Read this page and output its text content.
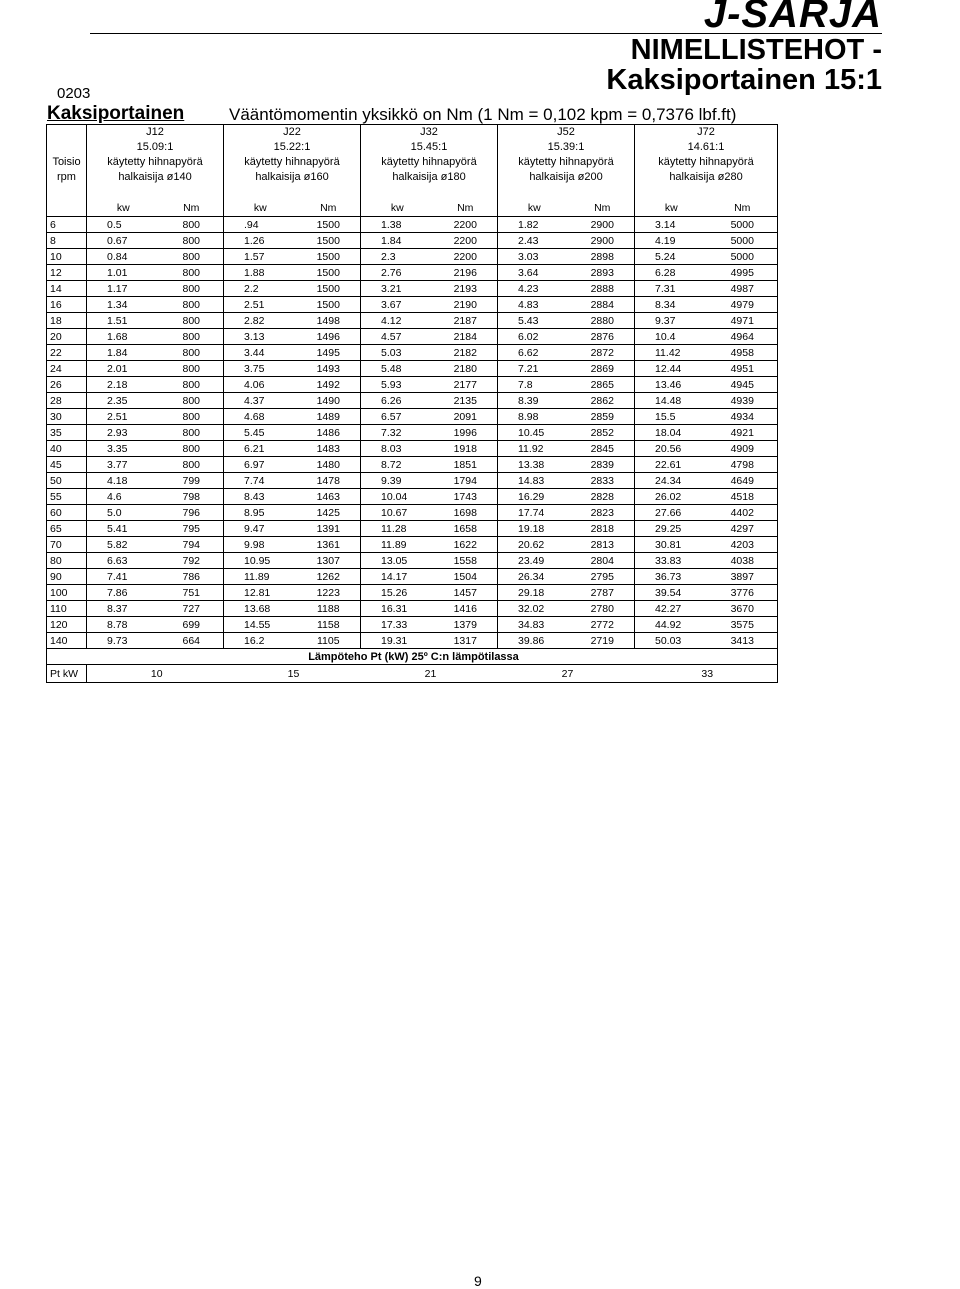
J-SARJA
NIMELLISTEHOT -
Kaksiportainen 15:1
0203
Kaksiportainen	Vääntömomentin yksikkö on Nm (1 Nm = 0,102 kpm = 0,7376 lbf.ft)
	J12		J22		J32		J52		J72	
	15.09:1		15.22:1		15.45:1		15.39:1		14.61:1	
Toisio	käytetty hihnapyörä		käytetty hihnapyörä		käytetty hihnapyörä		käytetty hihnapyörä		käytetty hihnapyörä	
rpm	halkaisija ø140		halkaisija ø160		halkaisija ø180		halkaisija ø200		halkaisija ø280	

	kw	Nm	kw	Nm	kw	Nm	kw	Nm	kw	Nm
6	0.5	800	.94	1500	1.38	2200	1.82	2900	3.14	5000
8	0.67	800	1.26	1500	1.84	2200	2.43	2900	4.19	5000
10	0.84	800	1.57	1500	2.3	2200	3.03	2898	5.24	5000
12	1.01	800	1.88	1500	2.76	2196	3.64	2893	6.28	4995
14	1.17	800	2.2	1500	3.21	2193	4.23	2888	7.31	4987
16	1.34	800	2.51	1500	3.67	2190	4.83	2884	8.34	4979
18	1.51	800	2.82	1498	4.12	2187	5.43	2880	9.37	4971
20	1.68	800	3.13	1496	4.57	2184	6.02	2876	10.4	4964
22	1.84	800	3.44	1495	5.03	2182	6.62	2872	11.42	4958
24	2.01	800	3.75	1493	5.48	2180	7.21	2869	12.44	4951
26	2.18	800	4.06	1492	5.93	2177	7.8	2865	13.46	4945
28	2.35	800	4.37	1490	6.26	2135	8.39	2862	14.48	4939
30	2.51	800	4.68	1489	6.57	2091	8.98	2859	15.5	4934
35	2.93	800	5.45	1486	7.32	1996	10.45	2852	18.04	4921
40	3.35	800	6.21	1483	8.03	1918	11.92	2845	20.56	4909
45	3.77	800	6.97	1480	8.72	1851	13.38	2839	22.61	4798
50	4.18	799	7.74	1478	9.39	1794	14.83	2833	24.34	4649
55	4.6	798	8.43	1463	10.04	1743	16.29	2828	26.02	4518
60	5.0	796	8.95	1425	10.67	1698	17.74	2823	27.66	4402
65	5.41	795	9.47	1391	11.28	1658	19.18	2818	29.25	4297
70	5.82	794	9.98	1361	11.89	1622	20.62	2813	30.81	4203
80	6.63	792	10.95	1307	13.05	1558	23.49	2804	33.83	4038
90	7.41	786	11.89	1262	14.17	1504	26.34	2795	36.73	3897
100	7.86	751	12.81	1223	15.26	1457	29.18	2787	39.54	3776
110	8.37	727	13.68	1188	16.31	1416	32.02	2780	42.27	3670
120	8.78	699	14.55	1158	17.33	1379	34.83	2772	44.92	3575
140	9.73	664	16.2	1105	19.31	1317	39.86	2719	50.03	3413
Lämpöteho Pt (kW) 25º C:n lämpötilassa										
Pt kW	10		15		21		27		33	
9
